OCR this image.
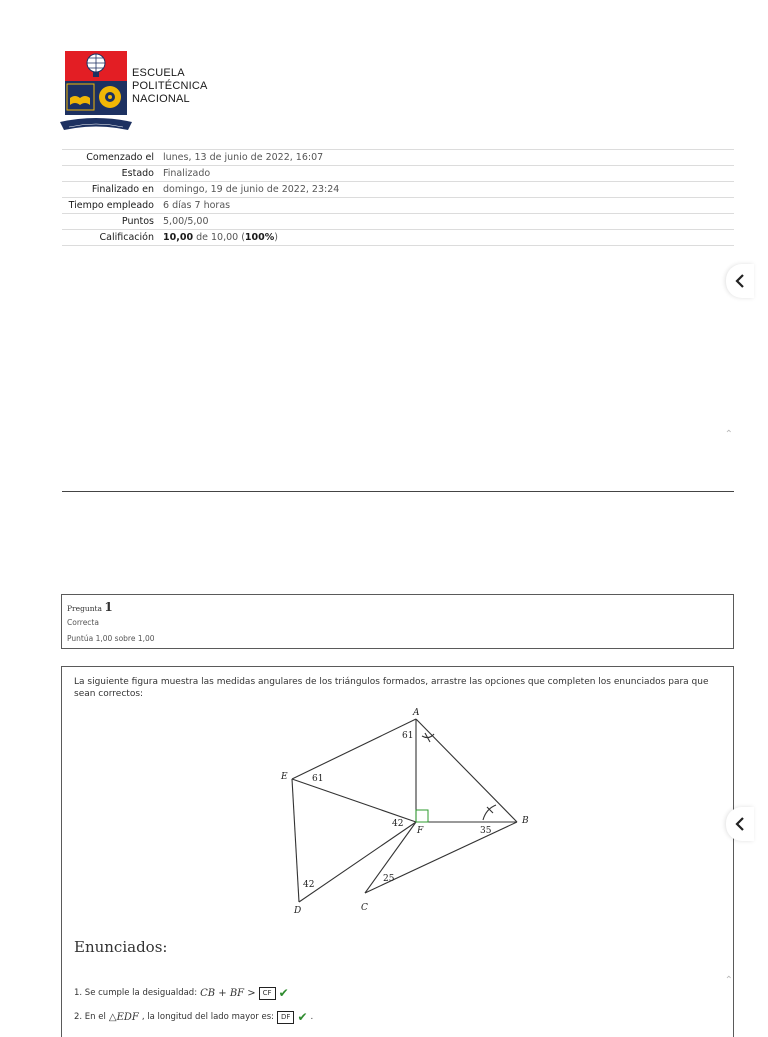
ESCUELA
POLITÉCNICA
NACIONAL
Comenzado el	lunes, 13 de junio de 2022, 16:07
Estado	Finalizado
Finalizado en	domingo, 19 de junio de 2022, 23:24
Tiempo empleado	6 días 7 horas
Puntos	5,00/5,00
Calificación	10,00 de 10,00 (100%)
⌃
Pregunta 1
Correcta
Puntúa 1,00 sobre 1,00
La siguiente figura muestra las medidas angulares de los triángulos formados, arrastre las opciones que completen los enunciados para que sean correctos:
A
B
C
D
E
F
61
61
42
35
42
25
Enunciados:
1. Se cumple la desigualdad: CB + BF >	CF ✔
2. En el △EDF , la longitud del lado mayor es:	DF ✔ .
⌃
